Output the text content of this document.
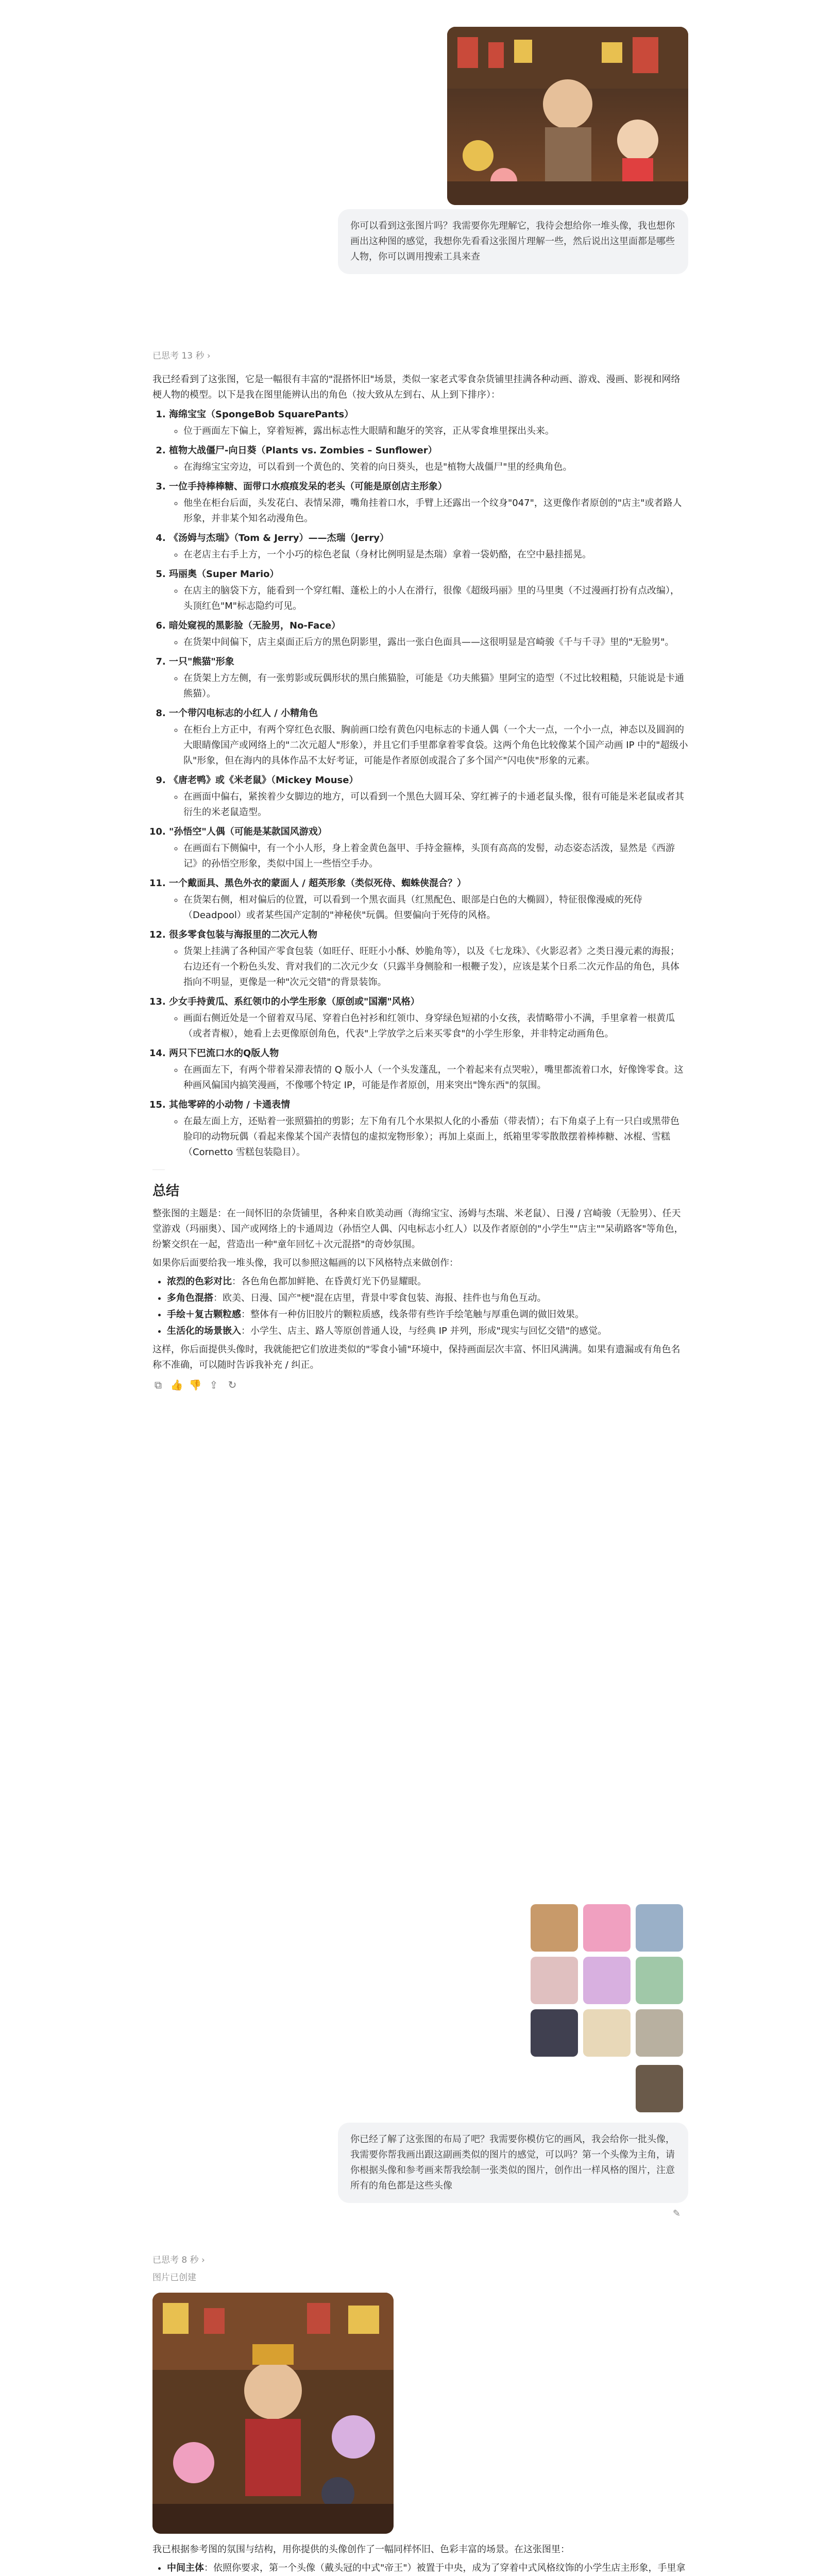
你可以看到这张图片吗？我需要你先理解它，我待会想给你一堆头像，我也想你画出这种图的感觉，我想你先看看这张图片理解一些，然后说出这里面都是哪些人物，你可以调用搜索工具来查
已思考 13 秒 ›

我已经看到了这张图，它是一幅很有丰富的"混搭怀旧"场景，类似一家老式零食杂货铺里挂满各种动画、游戏、漫画、影视和网络梗人物的模型。以下是我在图里能辨认出的角色（按大致从左到右、从上到下排序）：

1. 海绵宝宝（SpongeBob SquarePants）
◦ 位于画面左下偏上，穿着短裤，露出标志性大眼睛和龅牙的笑容，正从零食堆里探出头来。
2. 植物大战僵尸-向日葵（Plants vs. Zombies – Sunflower）
◦ 在海绵宝宝旁边，可以看到一个黄色的、笑着的向日葵头，也是"植物大战僵尸"里的经典角色。
3. 一位手持棒棒糖、面带口水痕痕发呆的老头（可能是原创店主形象）
◦ 他坐在柜台后面，头发花白、表情呆滞，嘴角挂着口水，手臂上还露出一个纹身"047"，这更像作者原创的"店主"或者路人形象，并非某个知名动漫角色。
4. 《汤姆与杰瑞》（Tom & Jerry）——杰瑞（Jerry）
◦ 在老店主右手上方，一个小巧的棕色老鼠（身材比例明显是杰瑞）拿着一袋奶酪，在空中悬挂摇晃。
5. 玛丽奥（Super Mario）
◦ 在店主的脑袋下方，能看到一个穿红帽、蓬松上的小人在滑行，很像《超级玛丽》里的马里奥（不过漫画打扮有点改编），头顶红色"M"标志隐约可见。
6. 暗处窥视的黑影脸（无脸男，No-Face）
◦ 在货架中间偏下，店主桌面正后方的黑色阴影里，露出一张白色面具——这很明显是宫崎骏《千与千寻》里的"无脸男"。
7. 一只"熊猫"形象
◦ 在货架上方左侧，有一张剪影或玩偶形状的黑白熊猫脸，可能是《功夫熊猫》里阿宝的造型（不过比较粗糙，只能说是卡通熊猫）。
8. 一个带闪电标志的小红人 / 小精角色
◦ 在柜台上方正中，有两个穿红色衣服、胸前画口绘有黄色闪电标志的卡通人偶（一个大一点，一个小一点，神态以及圆润的大眼睛像国产或网络上的"二次元超人"形象），并且它们手里都拿着零食袋。这两个角色比较像某个国产动画 IP 中的"超级小队"形象，但在海内的具体作品不太好考证，可能是作者原创或混合了多个国产"闪电侠"形象的元素。
9. 《唐老鸭》或《米老鼠》（Mickey Mouse）
◦ 在画面中偏右，紧挨着少女脚边的地方，可以看到一个黑色大圆耳朵、穿红裤子的卡通老鼠头像，很有可能是米老鼠或者其衍生的米老鼠造型。
10. "孙悟空"人偶（可能是某款国风游戏）
◦ 在画面右下侧偏中，有一个小人形，身上着金黄色盔甲、手持金箍棒，头顶有高高的发髻，动态姿态活泼，显然是《西游记》的孙悟空形象，类似中国上一些悟空手办。
11. 一个戴面具、黑色外衣的蒙面人 / 超英形象（类似死侍、蜘蛛侠混合？）
◦ 在货架右侧，相对偏后的位置，可以看到一个黑衣面具（红黑配色、眼部是白色的大椭圆），特征很像漫威的死侍（Deadpool）或者某些国产定制的"神秘侠"玩偶。但要偏向于死侍的风格。
12. 很多零食包装与海报里的二次元人物
◦ 货架上挂满了各种国产零食包装（如旺仔、旺旺小小酥、妙脆角等），以及《七龙珠》、《火影忍者》之类日漫元素的海报；右边还有一个粉色头发、背对我们的二次元少女（只露半身侧脸和一根鞭子发），应该是某个日系二次元作品的角色，具体指向不明显，更像是一种"次元交错"的背景装饰。
13. 少女手持黄瓜、系红领巾的小学生形象（原创或"国潮"风格）
◦ 画面右侧近处是一个留着双马尾、穿着白色衬衫和红领巾、身穿绿色短裙的小女孩，表情略带小不满，手里拿着一根黄瓜（或者青椒），她看上去更像原创角色，代表"上学放学之后来买零食"的小学生形象，并非特定动画角色。
14. 两只下巴流口水的Q版人物
◦ 在画面左下，有两个带着呆滞表情的 Q 版小人（一个头发蓬乱，一个着起来有点哭啦），嘴里都流着口水，好像馋零食。这种画风偏国内搞笑漫画，不像哪个特定 IP，可能是作者原创，用来突出"馋东西"的氛围。
15. 其他零碎的小动物 / 卡通表情
◦ 在最左面上方，还贴着一张照猫拍的剪影；左下角有几个水果拟人化的小番茄（带表情）；右下角桌子上有一只白或黑带色脸印的动物玩偶（看起来像某个国产表情包的虚拟宠物形象）；再加上桌面上，纸箱里零零散散摆着棒棒糖、冰棍、雪糕（Cornetto 雪糕包装隐目）。
总结

整张图的主题是：在一间怀旧的杂货铺里，各种来自欧美动画（海绵宝宝、汤姆与杰瑞、米老鼠）、日漫 / 宫崎骏（无脸男）、任天堂游戏（玛丽奥）、国产或网络上的卡通周边（孙悟空人偶、闪电标志小红人）以及作者原创的"小学生""店主""呆萌路客"等角色，纷繁交织在一起，营造出一种"童年回忆＋次元混搭"的奇妙氛围。

如果你后面要给我一堆头像，我可以参照这幅画的以下风格特点来做创作：

• 浓烈的色彩对比：各色角色都加鲜艳、在昏黄灯光下仍显耀眼。
• 多角色混搭：欧美、日漫、国产"梗"混在店里，背景中零食包装、海报、挂件也与角色互动。
• 手绘＋复古颗粒感：整体有一种仿旧胶片的颗粒质感，线条带有些许手绘笔触与厚重色调的做旧效果。
• 生活化的场景嵌入：小学生、店主、路人等原创普通人设，与经典 IP 并列，形成"现实与回忆交错"的感觉。

这样，你后面提供头像时，我就能把它们放进类似的"零食小铺"环境中，保持画面层次丰富、怀旧风满满。如果有遗漏或有角色名称不准确，可以随时告诉我补充 / 纠正。

⧉ 👍 👎 ⇪ ↻
你已经了解了这张图的布局了吧？我需要你模仿它的画风，我会给你一批头像，我需要你帮我画出跟这副画类似的图片的感觉，可以吗？第一个头像为主角，请你根据头像和参考画来帮我绘制一张类似的图片，创作出一样风格的图片，注意所有的角色都是这些头像
✎
已思考 8 秒 ›
图片已创建

我已根据参考图的氛围与结构，用你提供的头像创作了一幅同样怀旧、色彩丰富的场景。在这张图里：

• 中间主体：依照你要求，第一个头像（戴头冠的中式"帝王"）被置于中央，成为了穿着中式风格纹饰的小学生店主形象，手里拿
